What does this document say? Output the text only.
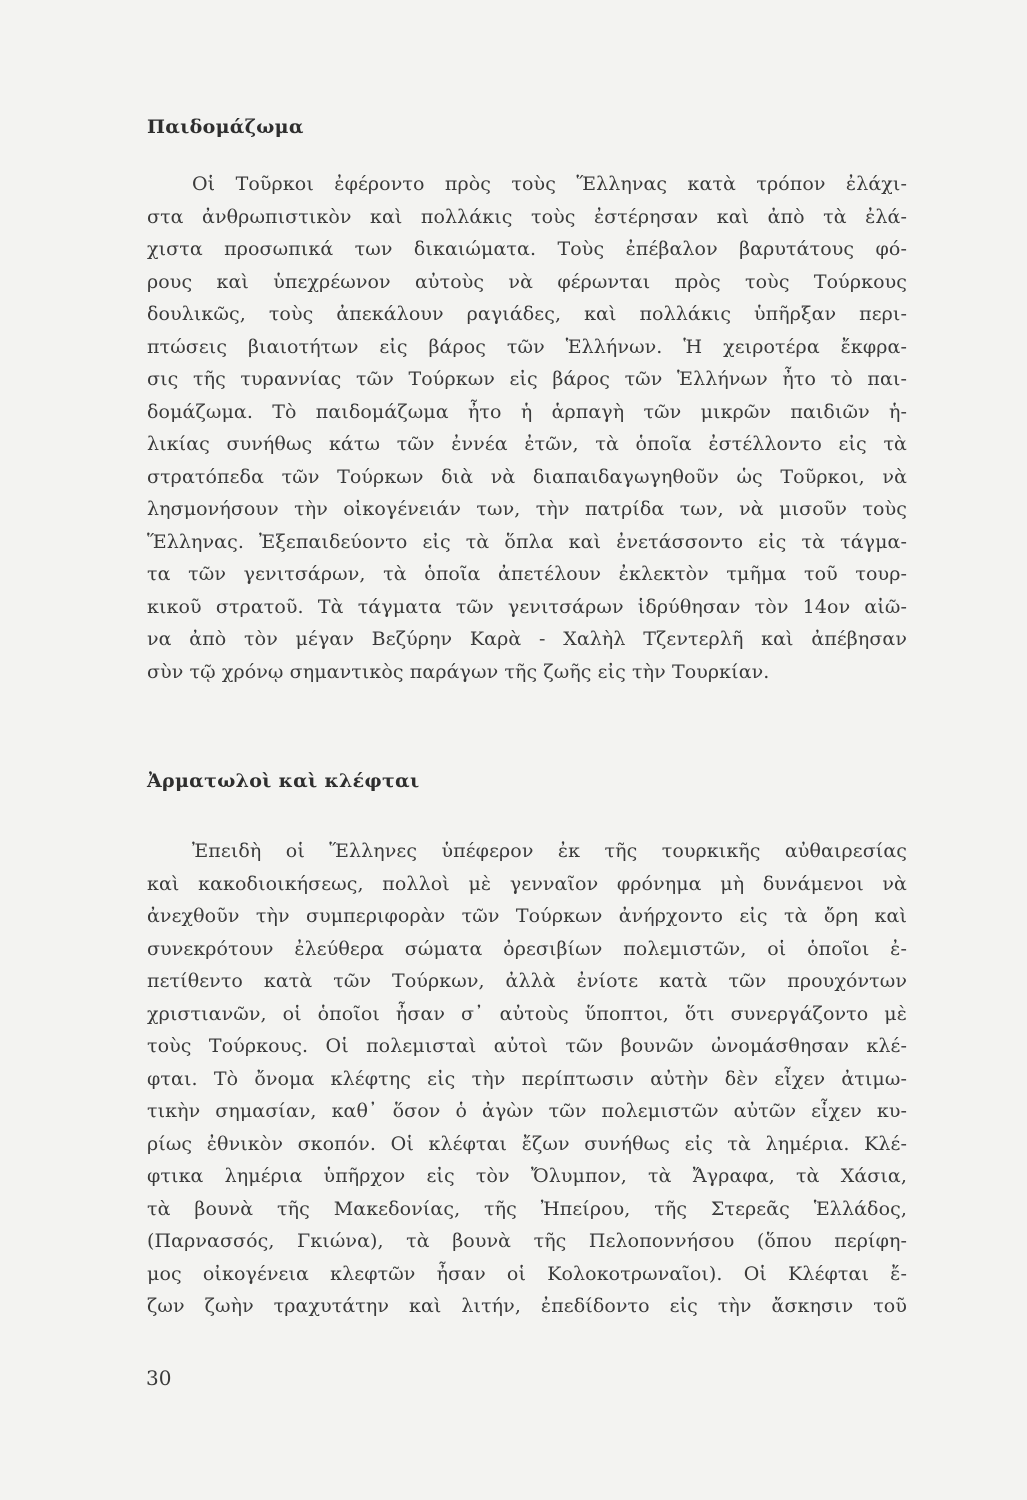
Παιδομάζωμα
Οἱ Τοῦρκοι ἐφέροντο πρὸς τοὺς Ἕλληνας κατὰ τρόπον ἐλάχι-
στα ἀνθρωπιστικὸν καὶ πολλάκις τοὺς ἐστέρησαν καὶ ἀπὸ τὰ ἐλά-
χιστα προσωπικά των δικαιώματα. Τοὺς ἐπέβαλον βαρυτάτους φό-
ρους καὶ ὑπεχρέωνον αὐτοὺς νὰ φέρωνται πρὸς τοὺς Τούρκους
δουλικῶς, τοὺς ἀπεκάλουν ραγιάδες, καὶ πολλάκις ὑπῆρξαν περι-
πτώσεις βιαιοτήτων εἰς βάρος τῶν Ἑλλήνων. Ἡ χειροτέρα ἔκφρα-
σις τῆς τυραννίας τῶν Τούρκων εἰς βάρος τῶν Ἑλλήνων ἦτο τὸ παι-
δομάζωμα. Τὸ παιδομάζωμα ἦτο ἡ ἁρπαγὴ τῶν μικρῶν παιδιῶν ἡ-
λικίας συνήθως κάτω τῶν ἐννέα ἐτῶν, τὰ ὁποῖα ἐστέλλοντο εἰς τὰ
στρατόπεδα τῶν Τούρκων διὰ νὰ διαπαιδαγωγηθοῦν ὡς Τοῦρκοι, νὰ
λησμονήσουν τὴν οἰκογένειάν των, τὴν πατρίδα των, νὰ μισοῦν τοὺς
Ἕλληνας. Ἐξεπαιδεύοντο εἰς τὰ ὅπλα καὶ ἐνετάσσοντο εἰς τὰ τάγμα-
τα τῶν γενιτσάρων, τὰ ὁποῖα ἀπετέλουν ἐκλεκτὸν τμῆμα τοῦ τουρ-
κικοῦ στρατοῦ. Τὰ τάγματα τῶν γενιτσάρων ἱδρύθησαν τὸν 14ον αἰῶ-
να ἀπὸ τὸν μέγαν Βεζύρην Καρὰ - Χαλὴλ Τζεντερλῆ καὶ ἀπέβησαν
σὺν τῷ χρόνῳ σημαντικὸς παράγων τῆς ζωῆς εἰς τὴν Τουρκίαν.
Ἀρματωλοὶ καὶ κλέφται
Ἐπειδὴ οἱ Ἕλληνες ὑπέφερον ἐκ τῆς τουρκικῆς αὐθαιρεσίας
καὶ κακοδιοικήσεως, πολλοὶ μὲ γενναῖον φρόνημα μὴ δυνάμενοι νὰ
ἀνεχθοῦν τὴν συμπεριφορὰν τῶν Τούρκων ἀνήρχοντο εἰς τὰ ὄρη καὶ
συνεκρότουν ἐλεύθερα σώματα ὀρεσιβίων πολεμιστῶν, οἱ ὁποῖοι ἐ-
πετίθεντο κατὰ τῶν Τούρκων, ἀλλὰ ἐνίοτε κατὰ τῶν προυχόντων
χριστιανῶν, οἱ ὁποῖοι ἦσαν σ᾿ αὐτοὺς ὕποπτοι, ὅτι συνεργάζοντο μὲ
τοὺς Τούρκους. Οἱ πολεμισταὶ αὐτοὶ τῶν βουνῶν ὠνομάσθησαν κλέ-
φται. Τὸ ὄνομα κλέφτης εἰς τὴν περίπτωσιν αὐτὴν δὲν εἶχεν ἀτιμω-
τικὴν σημασίαν, καθ᾿ ὅσον ὁ ἀγὼν τῶν πολεμιστῶν αὐτῶν εἶχεν κυ-
ρίως ἐθνικὸν σκοπόν. Οἱ κλέφται ἔζων συνήθως εἰς τὰ λημέρια. Κλέ-
φτικα λημέρια ὑπῆρχον εἰς τὸν Ὄλυμπον, τὰ Ἄγραφα, τὰ Χάσια,
τὰ βουνὰ τῆς Μακεδονίας, τῆς Ἠπείρου, τῆς Στερεᾶς Ἑλλάδος,
(Παρνασσός, Γκιώνα), τὰ βουνὰ τῆς Πελοποννήσου (ὅπου περίφη-
μος οἰκογένεια κλεφτῶν ἦσαν οἱ Κολοκοτρωναῖοι). Οἱ Κλέφται ἔ-
ζων ζωὴν τραχυτάτην καὶ λιτήν, ἐπεδίδοντο εἰς τὴν ἄσκησιν τοῦ
30
